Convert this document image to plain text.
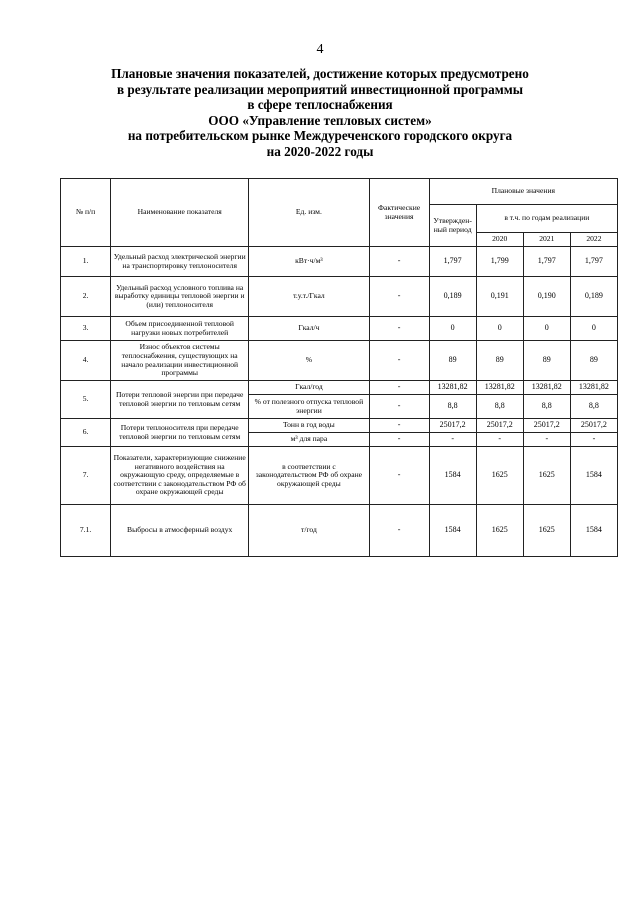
4
Плановые значения показателей, достижение которых предусмотрено
в результате реализации мероприятий инвестиционной программы
в сфере теплоснабжения
ООО «Управление тепловых систем»
на потребительском рынке Междуреченского городского округа
на 2020-2022 годы
№ п/п	Наименование показателя	Ед. изм.	Фактические значения	Плановые значения			
				Утвержден-ный период	в т.ч. по годам реализации		
					2020	2021	2022
1.	Удельный расход электрической энергии на транспортировку теплоносителя	кВт·ч/м³	-	1,797	1,799	1,797	1,797
2.	Удельный расход условного топлива на выработку единицы тепловой энергии и (или) теплоносителя	т.у.т./Гкал	-	0,189	0,191	0,190	0,189
3.	Объем присоединенной тепловой нагрузки новых потребителей	Гкал/ч	-	0	0	0	0
4.	Износ объектов системы теплоснабжения, существующих на начало реализации инвестиционной программы	%	-	89	89	89	89
5.	Потери тепловой энергии при передаче тепловой энергии по тепловым сетям	Гкал/год	-	13281,82	13281,82	13281,82	13281,82
		% от полезного отпуска тепловой энергии	-	8,8	8,8	8,8	8,8
6.	Потери теплоносителя при передаче тепловой энергии по тепловым сетям	Тонн в год воды	-	25017,2	25017,2	25017,2	25017,2
		м³ для пара	-	-	-	-	-
7.	Показатели, характеризующие снижение негативного воздействия на окружающую среду, определяемые в соответствии с законодательством РФ об охране окружающей среды	в соответствии с законодательством РФ об охране окружающей среды	-	1584	1625	1625	1584
7.1.	Выбросы в атмосферный воздух	т/год	-	1584	1625	1625	1584
